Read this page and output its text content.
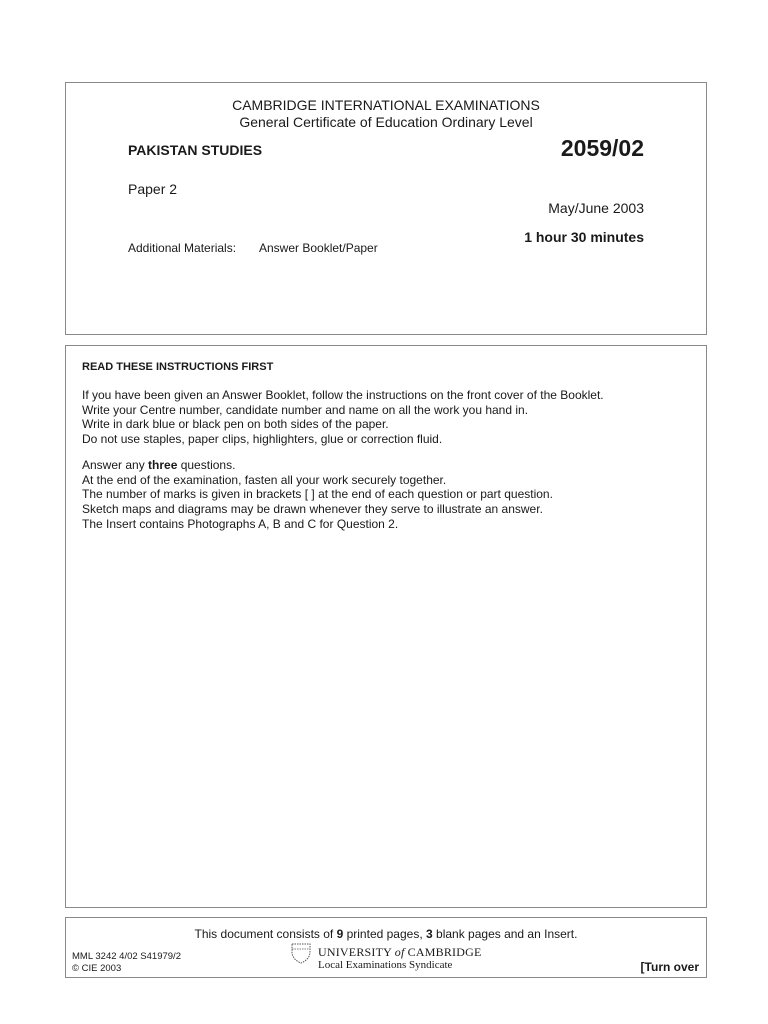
CAMBRIDGE INTERNATIONAL EXAMINATIONS
General Certificate of Education Ordinary Level
PAKISTAN STUDIES	2059/02
Paper 2
May/June 2003
1 hour 30 minutes
Additional Materials: Answer Booklet/Paper
READ THESE INSTRUCTIONS FIRST

If you have been given an Answer Booklet, follow the instructions on the front cover of the Booklet.

Write your Centre number, candidate number and name on all the work you hand in.

Write in dark blue or black pen on both sides of the paper.

Do not use staples, paper clips, highlighters, glue or correction fluid.

Answer any three questions.

At the end of the examination, fasten all your work securely together.

The number of marks is given in brackets [ ] at the end of each question or part question.

Sketch maps and diagrams may be drawn whenever they serve to illustrate an answer.

The Insert contains Photographs A, B and C for Question 2.

This document consists of 9 printed pages, 3 blank pages and an Insert.
MML 3242 4/02 S41979/2
© CIE 2003
UNIVERSITY of CAMBRIDGE
Local Examinations Syndicate	[Turn over
